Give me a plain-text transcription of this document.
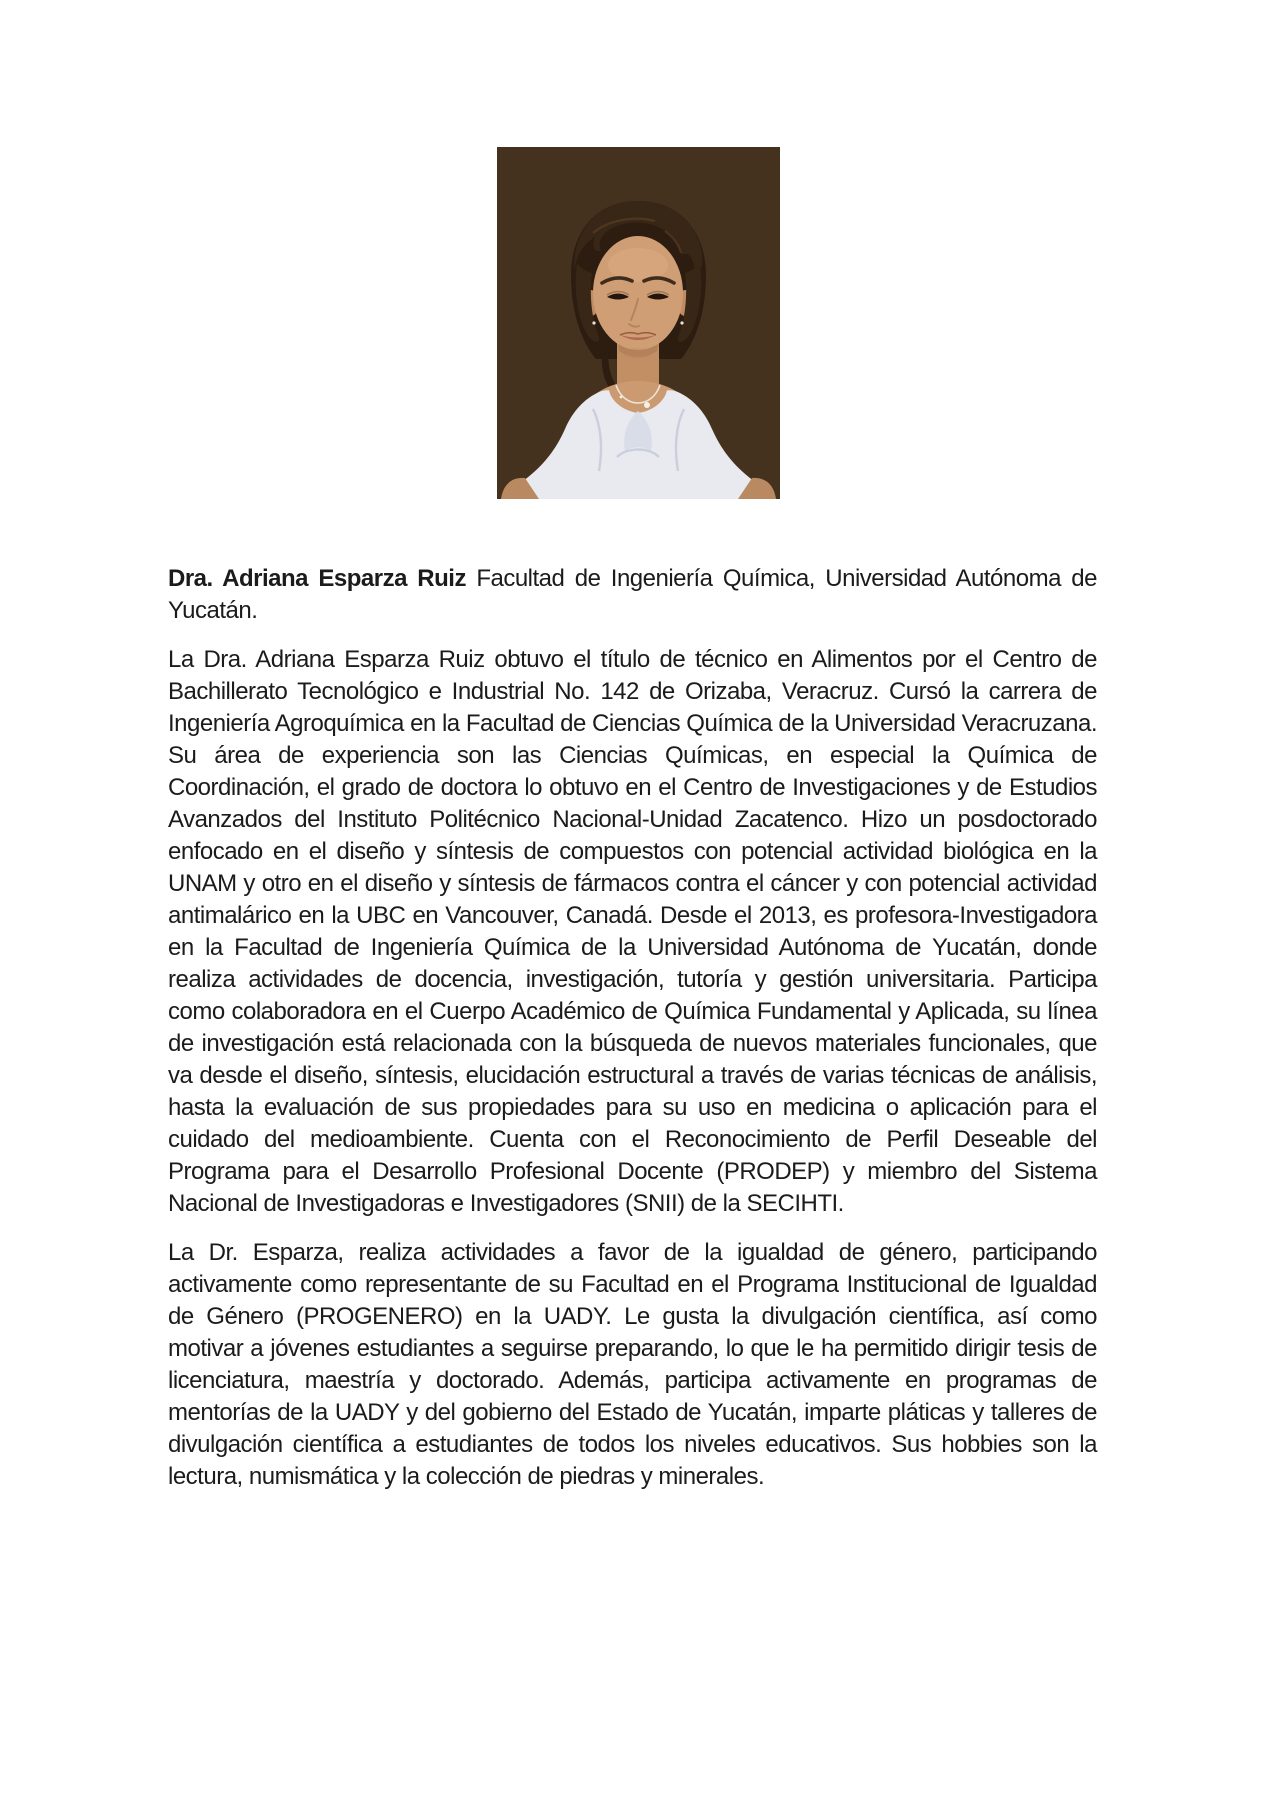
Dra. Adriana Esparza Ruiz Facultad de Ingeniería Química, Universidad Autónoma de Yucatán.

La Dra. Adriana Esparza Ruiz obtuvo el título de técnico en Alimentos por el Centro de Bachillerato Tecnológico e Industrial No. 142 de Orizaba, Veracruz. Cursó la carrera de Ingeniería Agroquímica en la Facultad de Ciencias Química de la Universidad Veracruzana. Su área de experiencia son las Ciencias Químicas, en especial la Química de Coordinación, el grado de doctora lo obtuvo en el Centro de Investigaciones y de Estudios Avanzados del Instituto Politécnico Nacional-Unidad Zacatenco. Hizo un posdoctorado enfocado en el diseño y síntesis de compuestos con potencial actividad biológica en la UNAM y otro en el diseño y síntesis de fármacos contra el cáncer y con potencial actividad antimalárico en la UBC en Vancouver, Canadá. Desde el 2013, es profesora-Investigadora en la Facultad de Ingeniería Química de la Universidad Autónoma de Yucatán, donde realiza actividades de docencia, investigación, tutoría y gestión universitaria. Participa como colaboradora en el Cuerpo Académico de Química Fundamental y Aplicada, su línea de investigación está relacionada con la búsqueda de nuevos materiales funcionales, que va desde el diseño, síntesis, elucidación estructural a través de varias técnicas de análisis, hasta la evaluación de sus propiedades para su uso en medicina o aplicación para el cuidado del medioambiente. Cuenta con el Reconocimiento de Perfil Deseable del Programa para el Desarrollo Profesional Docente (PRODEP) y miembro del Sistema Nacional de Investigadoras e Investigadores (SNII) de la SECIHTI.

La Dr. Esparza, realiza actividades a favor de la igualdad de género, participando activamente como representante de su Facultad en el Programa Institucional de Igualdad de Género (PROGENERO) en la UADY. Le gusta la divulgación científica, así como motivar a jóvenes estudiantes a seguirse preparando, lo que le ha permitido dirigir tesis de licenciatura, maestría y doctorado. Además, participa activamente en programas de mentorías de la UADY y del gobierno del Estado de Yucatán, imparte pláticas y talleres de divulgación científica a estudiantes de todos los niveles educativos. Sus hobbies son la lectura, numismática y la colección de piedras y minerales.
